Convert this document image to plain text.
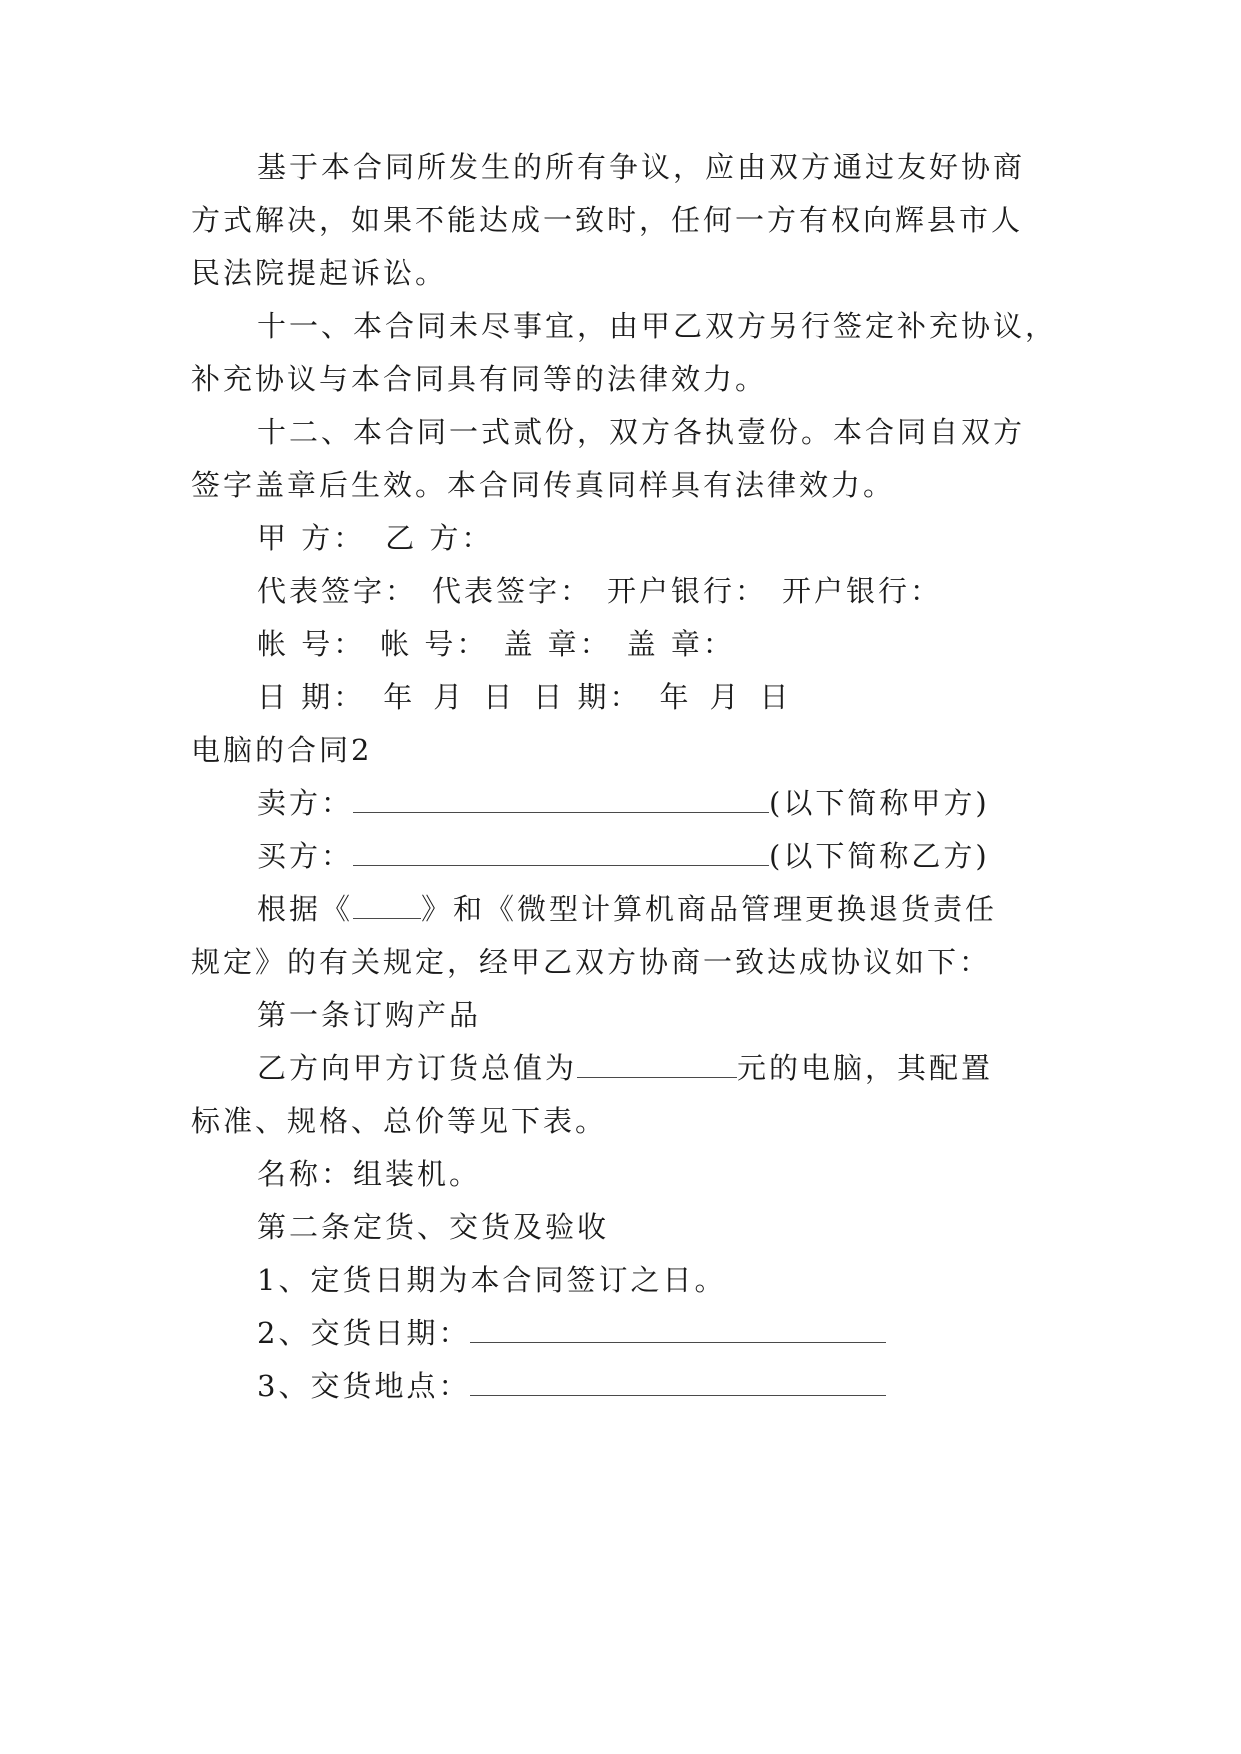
基于本合同所发生的所有争议，应由双方通过友好协商
方式解决，如果不能达成一致时，任何一方有权向辉县市人
民法院提起诉讼。
十一、本合同未尽事宜，由甲乙双方另行签定补充协议，
补充协议与本合同具有同等的法律效力。
十二、本合同一式贰份，双方各执壹份。本合同自双方
签字盖章后生效。本合同传真同样具有法律效力。
甲 方： 乙 方：
代表签字： 代表签字： 开户银行： 开户银行：
帐 号： 帐 号： 盖 章： 盖 章：
日 期： 年 月 日 日 期： 年 月 日
电脑的合同2
卖方：	(以下简称甲方)
买方：	(以下简称乙方)
根据《 》和《微型计算机商品管理更换退货责任
规定》的有关规定，经甲乙双方协商一致达成协议如下：
第一条订购产品
乙方向甲方订货总值为	元的电脑，其配置
标准、规格、总价等见下表。
名称：组装机。
第二条定货、交货及验收
1、定货日期为本合同签订之日。
2、交货日期：
3、交货地点：
